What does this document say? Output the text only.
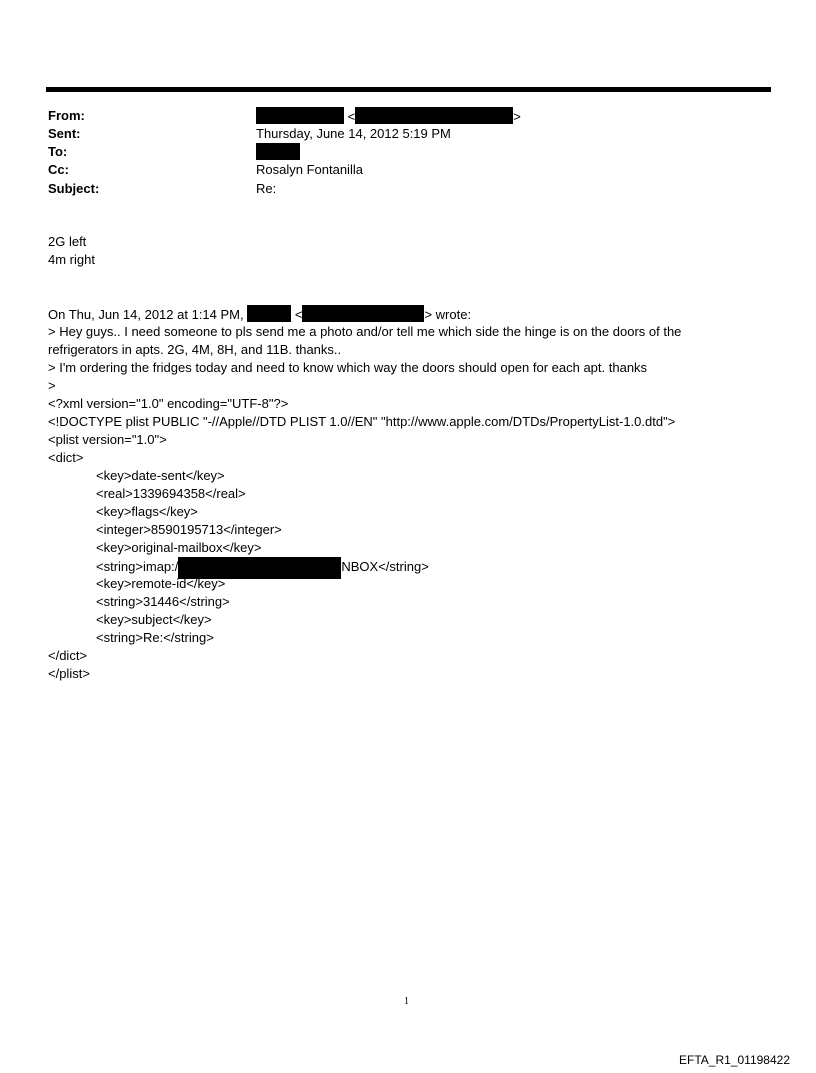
From:	<	>
Sent:	Thursday, June 14, 2012 5:19 PM
To:
Cc:	Rosalyn Fontanilla
Subject:	Re:
2G left
4m right
On Thu, Jun 14, 2012 at 1:14 PM,	<	> wrote:
> Hey guys.. I need someone to pls send me a photo and/or tell me which side the hinge is on the doors of the
refrigerators in apts. 2G, 4M, 8H, and 11B. thanks..
> I'm ordering the fridges today and need to know which way the doors should open for each apt. thanks
>
<?xml version="1.0" encoding="UTF-8"?>
<!DOCTYPE plist PUBLIC "-//Apple//DTD PLIST 1.0//EN" "http://www.apple.com/DTDs/PropertyList-1.0.dtd">
<plist version="1.0">
<dict>
<key>date-sent</key>
<real>1339694358</real>
<key>flags</key>
<integer>8590195713</integer>
<key>original-mailbox</key>
<string>imap:/	NBOX</string>
<key>remote-id</key>
<string>31446</string>
<key>subject</key>
<string>Re:</string>
</dict>
</plist>
1
EFTA_R1_01198422
